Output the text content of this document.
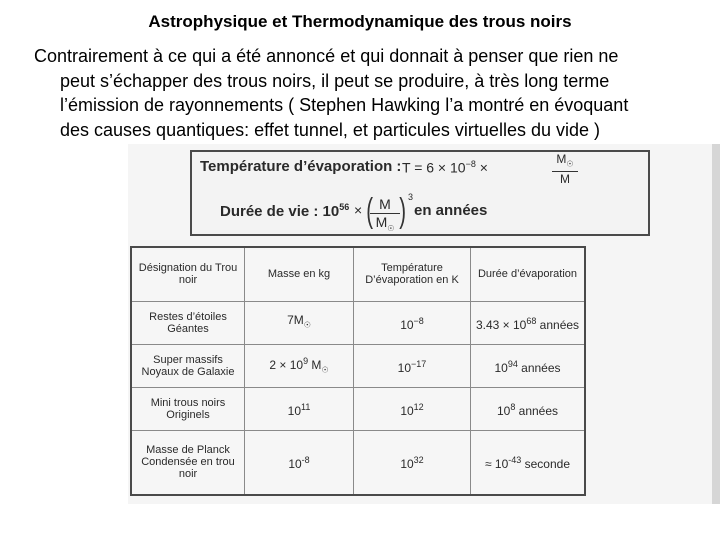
Astrophysique et Thermodynamique des trous noirs
Contrairement à ce qui a été annoncé et qui donnait à penser que rien ne
peut s’échapper des trous noirs, il peut se produire, à très long terme
l’émission de rayonnements ( Stephen Hawking l’a montré en évoquant
des causes quantiques: effet tunnel, et particules virtuelles du vide )
Température d’évaporation : $T = 6 \times 10^{-8}$ ×
$M_☉$
M
Durée de vie : $10^{56}$ × ( M
$M_☉$ ) 3
en années
Désignation du Trou noir	Masse en kg	Température D’évaporation en K	Durée d’évaporation
Restes d’étoiles Géantes	$7M_☉$	$10^{-8}$	$3.43 \times 10^{68}$ années
Super massifs Noyaux de Galaxie	$2 \times 10^9$ $M_☉$	$10^{-17}$	$10^{94}$ années
Mini trous noirs Originels	$10^{11}$	$10^{12}$	$10^8$ années
Masse de Planck Condensée en trou noir	$10^{-8}$	$10^{32}$	≈ $10^{-43}$ seconde
